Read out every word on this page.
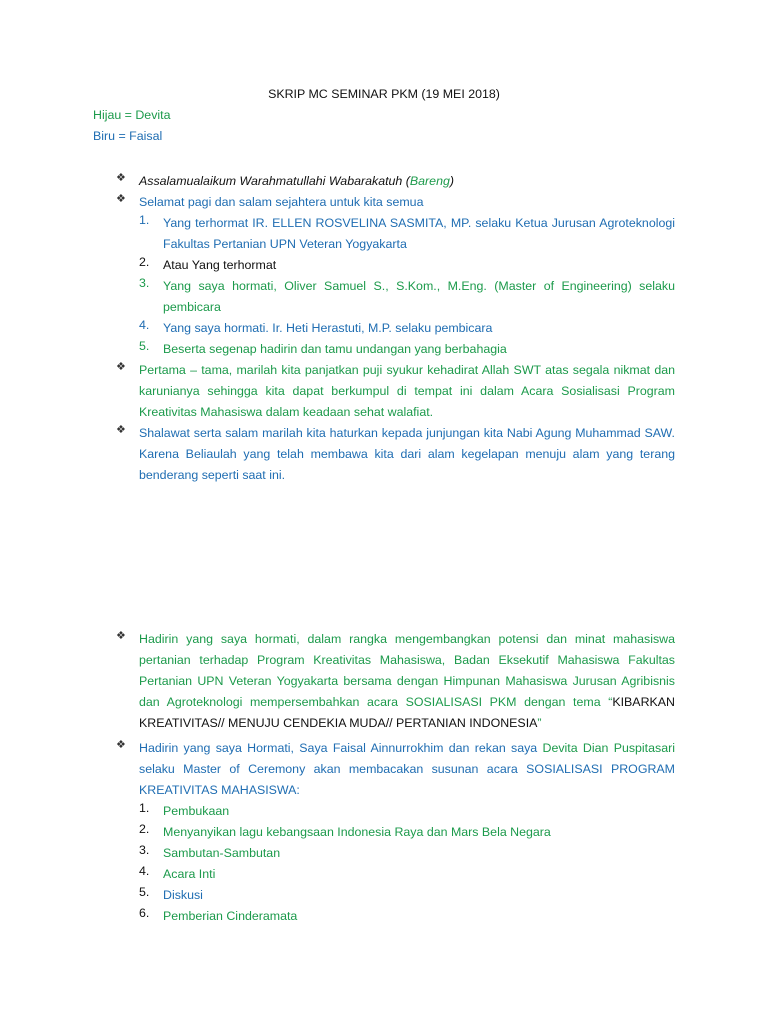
SKRIP MC SEMINAR PKM (19 MEI 2018)
Hijau = Devita
Biru = Faisal
❖ Assalamualaikum Warahmatullahi Wabarakatuh (Bareng)
❖ Selamat pagi dan salam sejahtera untuk kita semua
1. Yang terhormat IR. ELLEN ROSVELINA SASMITA, MP. selaku Ketua Jurusan Agroteknologi Fakultas Pertanian UPN Veteran Yogyakarta
2. Atau Yang terhormat
3. Yang saya hormati, Oliver Samuel S., S.Kom., M.Eng. (Master of Engineering) selaku pembicara
4. Yang saya hormati. Ir. Heti Herastuti, M.P. selaku pembicara
5. Beserta segenap hadirin dan tamu undangan yang berbahagia
❖ Pertama – tama, marilah kita panjatkan puji syukur kehadirat Allah SWT atas segala nikmat dan karunianya sehingga kita dapat berkumpul di tempat ini dalam Acara Sosialisasi Program Kreativitas Mahasiswa dalam keadaan sehat walafiat.
❖ Shalawat serta salam marilah kita haturkan kepada junjungan kita Nabi Agung Muhammad SAW. Karena Beliaulah yang telah membawa kita dari alam kegelapan menuju alam yang terang benderang seperti saat ini.
❖ Hadirin yang saya hormati, dalam rangka mengembangkan potensi dan minat mahasiswa pertanian terhadap Program Kreativitas Mahasiswa, Badan Eksekutif Mahasiswa Fakultas Pertanian UPN Veteran Yogyakarta bersama dengan Himpunan Mahasiswa Jurusan Agribisnis dan Agroteknologi mempersembahkan acara SOSIALISASI PKM dengan tema “KIBARKAN KREATIVITAS// MENUJU CENDEKIA MUDA// PERTANIAN INDONESIA”
❖ Hadirin yang saya Hormati, Saya Faisal Ainnurrokhim dan rekan saya Devita Dian Puspitasari selaku Master of Ceremony akan membacakan susunan acara SOSIALISASI PROGRAM KREATIVITAS MAHASISWA:
1. Pembukaan
2. Menyanyikan lagu kebangsaan Indonesia Raya dan Mars Bela Negara
3. Sambutan-Sambutan
4. Acara Inti
5. Diskusi
6. Pemberian Cinderamata
